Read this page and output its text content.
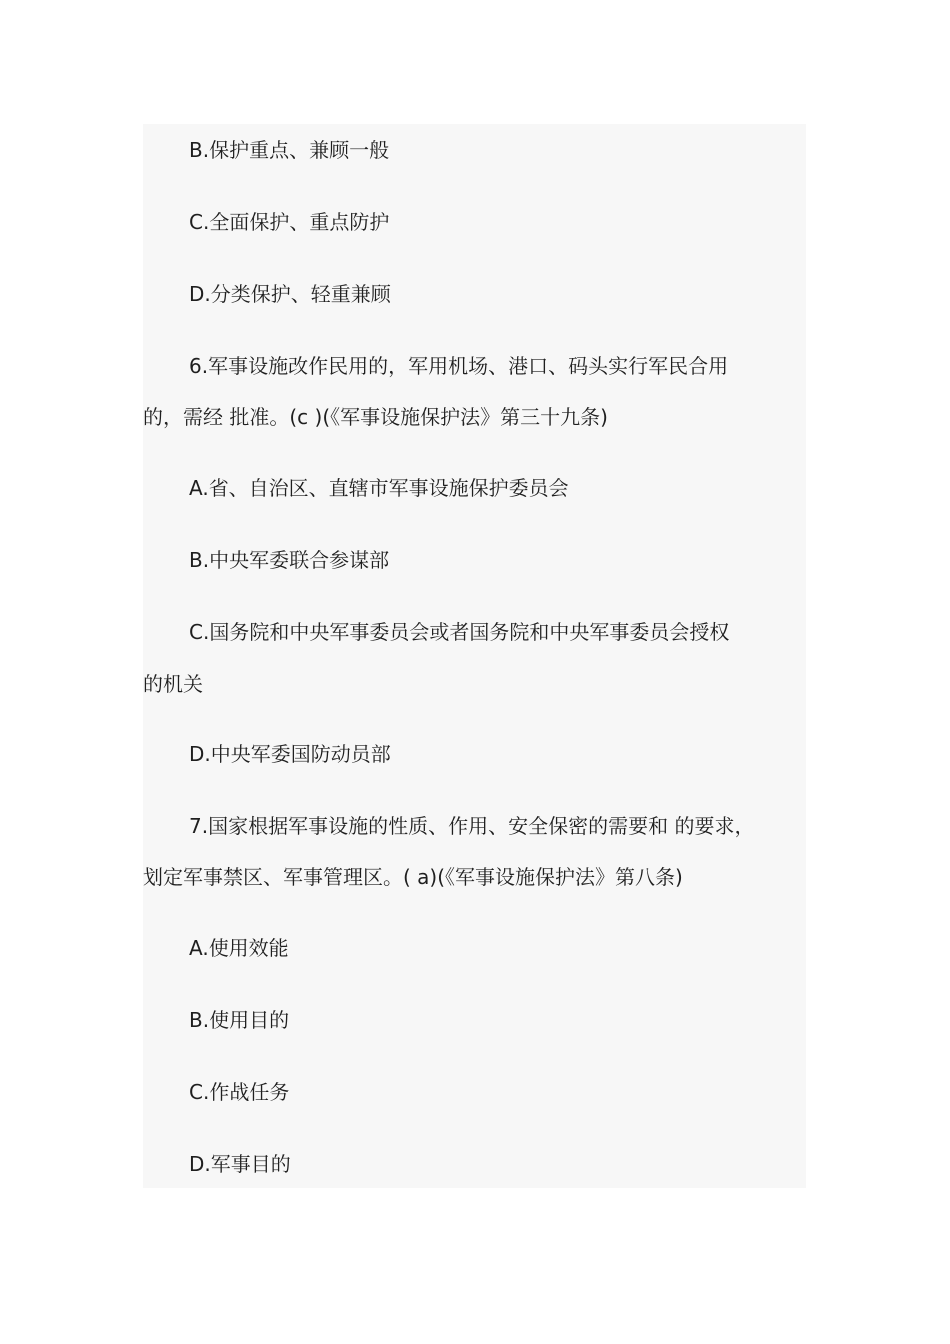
B.保护重点、兼顾一般

C.全面保护、重点防护

D.分类保护、轻重兼顾

6.军事设施改作民用的，军用机场、港口、码头实行军民合用

的，需经 批准。(c )(《军事设施保护法》第三十九条)

A.省、自治区、直辖市军事设施保护委员会

B.中央军委联合参谋部

C.国务院和中央军事委员会或者国务院和中央军事委员会授权

的机关

D.中央军委国防动员部

7.国家根据军事设施的性质、作用、安全保密的需要和 的要求，

划定军事禁区、军事管理区。( a)(《军事设施保护法》第八条)

A.使用效能

B.使用目的

C.作战任务

D.军事目的
